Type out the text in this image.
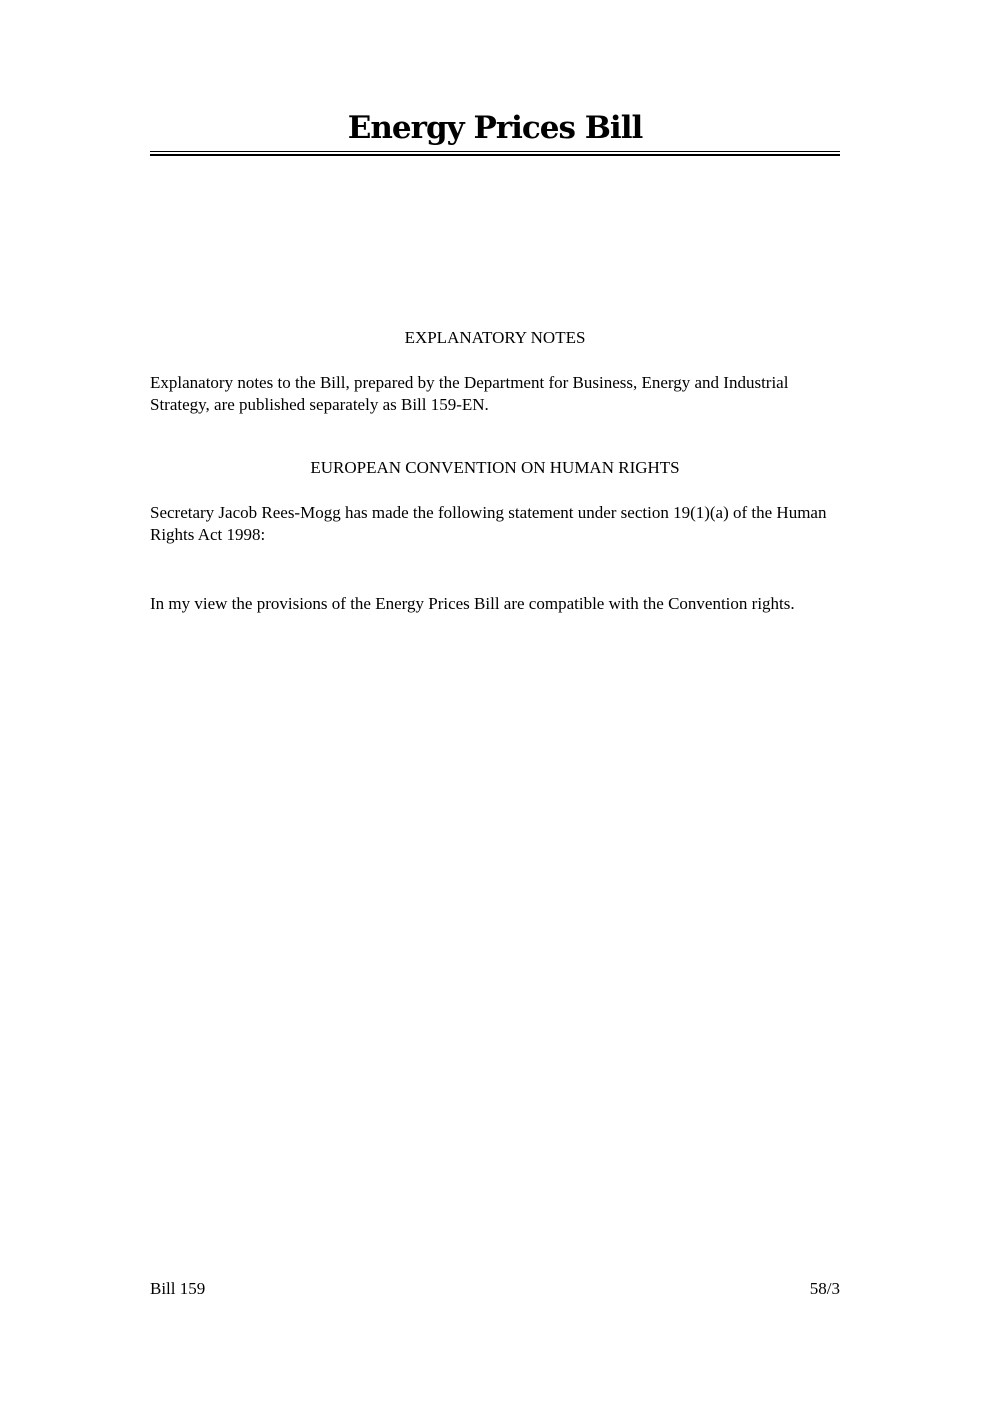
Energy Prices Bill
EXPLANATORY NOTES
Explanatory notes to the Bill, prepared by the Department for Business, Energy and Industrial Strategy, are published separately as Bill 159-EN.
EUROPEAN CONVENTION ON HUMAN RIGHTS
Secretary Jacob Rees-Mogg has made the following statement under section 19(1)(a) of the Human Rights Act 1998:
In my view the provisions of the Energy Prices Bill are compatible with the Convention rights.
Bill 159	58/3
